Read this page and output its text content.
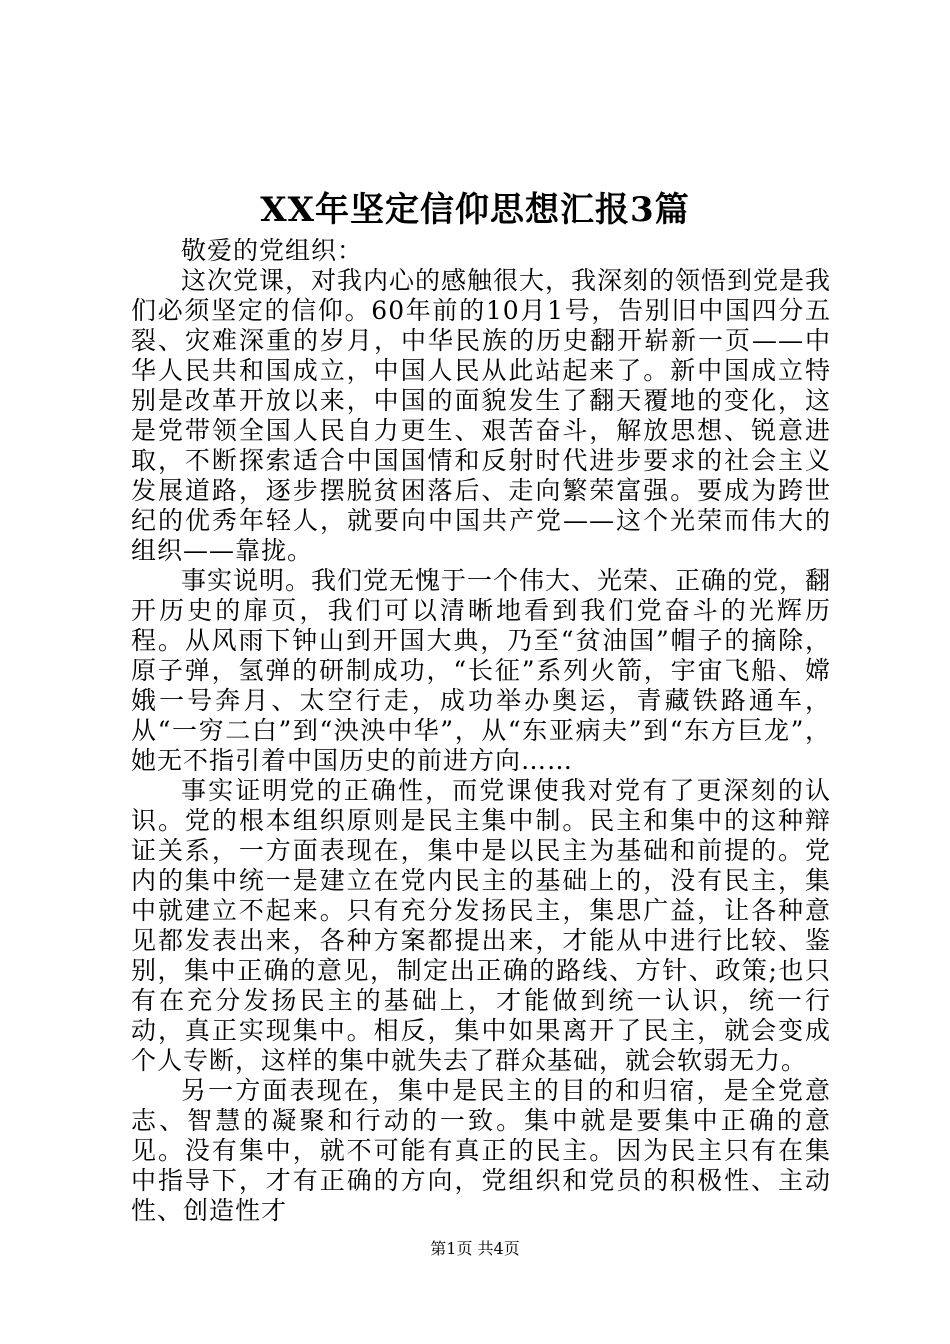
XX年坚定信仰思想汇报3篇

敬爱的党组织：

这次党课，对我内心的感触很大，我深刻的领悟到党是我们必须坚定的信仰。60年前的10月1号，告别旧中国四分五裂、灾难深重的岁月，中华民族的历史翻开崭新一页——中华人民共和国成立，中国人民从此站起来了。新中国成立特别是改革开放以来，中国的面貌发生了翻天覆地的变化，这是党带领全国人民自力更生、艰苦奋斗，解放思想、锐意进取，不断探索适合中国国情和反射时代进步要求的社会主义发展道路，逐步摆脱贫困落后、走向繁荣富强。要成为跨世纪的优秀年轻人，就要向中国共产党——这个光荣而伟大的组织——靠拢。

事实说明。我们党无愧于一个伟大、光荣、正确的党，翻开历史的扉页，我们可以清晰地看到我们党奋斗的光辉历程。从风雨下钟山到开国大典，乃至“贫油国”帽子的摘除，原子弹，氢弹的研制成功，“长征”系列火箭，宇宙飞船、嫦娥一号奔月、太空行走，成功举办奥运，青藏铁路通车，从“一穷二白”到“泱泱中华”，从“东亚病夫”到“东方巨龙”，她无不指引着中国历史的前进方向……

事实证明党的正确性，而党课使我对党有了更深刻的认识。党的根本组织原则是民主集中制。民主和集中的这种辩证关系，一方面表现在，集中是以民主为基础和前提的。党内的集中统一是建立在党内民主的基础上的，没有民主，集中就建立不起来。只有充分发扬民主，集思广益，让各种意见都发表出来，各种方案都提出来，才能从中进行比较、鉴别，集中正确的意见，制定出正确的路线、方针、政策;也只有在充分发扬民主的基础上，才能做到统一认识，统一行动，真正实现集中。相反，集中如果离开了民主，就会变成个人专断，这样的集中就失去了群众基础，就会软弱无力。

另一方面表现在，集中是民主的目的和归宿，是全党意志、智慧的凝聚和行动的一致。集中就是要集中正确的意见。没有集中，就不可能有真正的民主。因为民主只有在集中指导下，才有正确的方向，党组织和党员的积极性、主动性、创造性才

第1页 共4页
